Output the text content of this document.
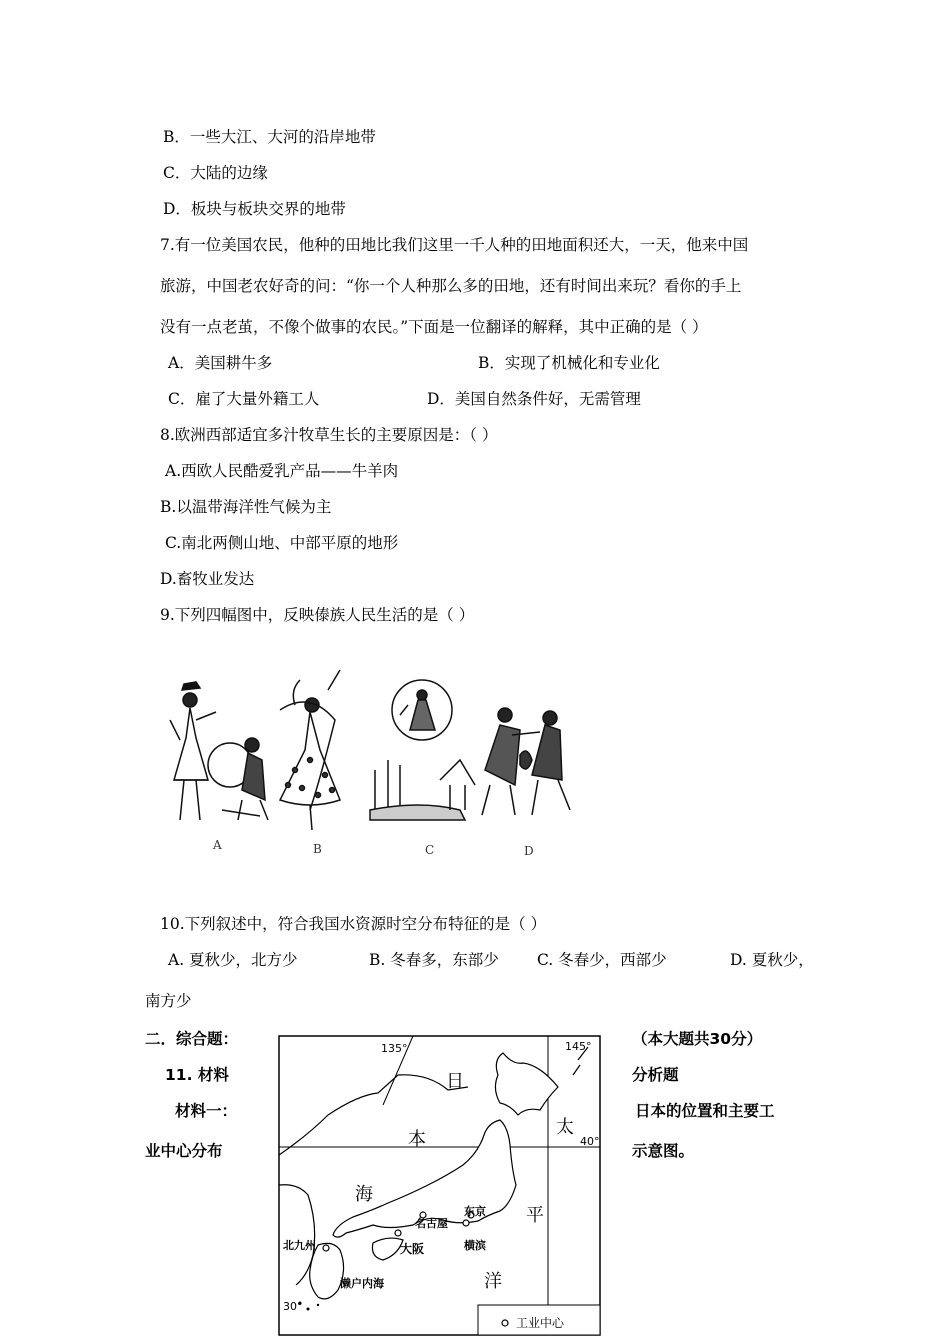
B．一些大江、大河的沿岸地带
C．大陆的边缘
D．板块与板块交界的地带
7.有一位美国农民，他种的田地比我们这里一千人种的田地面积还大，一天，他来中国
旅游，中国老农好奇的问：“你一个人种那么多的田地，还有时间出来玩？看你的手上
没有一点老茧，不像个做事的农民。”下面是一位翻译的解释，其中正确的是（ ）
A．美国耕牛多	B．实现了机械化和专业化
C．雇了大量外籍工人	D．美国自然条件好，无需管理
8.欧洲西部适宜多汁牧草生长的主要原因是：（ ）
A.西欧人民酷爱乳产品——牛羊肉
B.以温带海洋性气候为主
C.南北两侧山地、中部平原的地形
D.畜牧业发达
9.下列四幅图中，反映傣族人民生活的是（ ）
A	B	C	D
10.下列叙述中，符合我国水资源时空分布特征的是（ ）
A. 夏秋少，北方少	B. 冬春多，东部少 C. 冬春少，西部少	D. 夏秋少，
南方少
二．综合题：	（本大题共30分）
11. 材料	分析题
材料一：	日本的位置和主要工
业中心分布	示意图。
135°	145°
40°
30°
日
本
海
太
平
洋
名古屋
东京
横滨
大阪
北九州
濑户内海
工业中心
